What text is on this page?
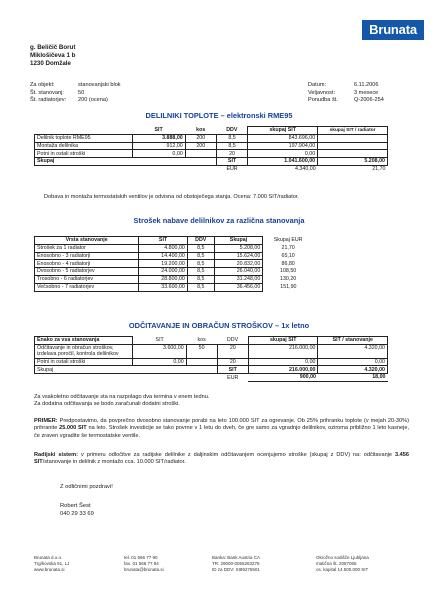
Brunata
g. Beličič Borut
Miklošičeva 1 b
1230 Domžale
Za objekt:	stanovanjski blok
Št. stanovanj:	50
Št. radiatorjev:	200 (ocena)
Datum:	6.11.2006
Veljavnost:	3 mesece
Ponudba št.	Q-2006-254
DELILNIKI TOPLOTE – elektronski RME95
	SIT	kos	DDV	skupaj SIT	skupaj SIT / radiator
Delilnik toplote RME95	3.888,00	200	8,5	843.696,00	
Montaža delilnika	912,00	200	8,5	197.904,00	
Potni in ostali stroški	0,00		20	0,00	
Skupaj			SIT	1.041.600,00	5.208,00
			EUR	4.340,00	21,70
Dobava in montaža termostatskih ventilov je odvisna od obstoječega stanja. Ocena: 7.000 SIT/radiator.
Strošek nabave delilnikov za različna stanovanja
Vrsta stanovanje	SIT	DDV	Skupaj	Skupaj EUR
Strošek za 1 radiator	4.800,00	8,5	5.208,00	21,70
Enosobno - 3 radiatorji	14.400,00	8,5	15.624,00	65,10
Enosobno - 4 radiatorji	19.200,00	8,5	20.832,00	86,80
Dvosobno - 5 radiatorjev	24.000,00	8,5	26.040,00	108,50
Trosobno - 6 radiatorjev	28.800,00	8,5	31.248,00	130,20
Večsobno - 7 radiatorjev	33.600,00	8,5	36.456,00	151,90
ODČITAVANJE IN OBRAČUN STROŠKOV – 1x letno
Enako za vsa stanovanja	SIT	kos	DDV	skupaj SIT	SIT / stanovanje

Odčitavanje in obračun stroškov,
izdelava poročil, kontrola delilnikov	3.600,00	50	20	216.000,00	4.320,00
Potni in ostali stroški	0,00		20	0,00	0,00
Skupaj			SIT	216.000,00	4.320,00
			EUR	900,00	18,00
Za vsakoletno odčitavanje sta na razpolago dva termina v enem tednu.
Za dodatna odčitavanja se bodo zaračunali dodatni stroški.
PRIMER: Predpostavimo, da povprečno dvosobno stanovanje porabi na leto 100.000 SIT za ogrevanje. Ob 25% prihranku toplote (v mejah 20-30%) prihranite 25.000 SIT na leto. Strošek investicije se tako povrne v 1 letu do dveh, če gre samo za vgradnjo delilnikov, oziroma približno 1 leto kasneje, če zraven vgradite še termostatske ventile.
Radijski sistem: v primeru odločitve za radijske delilnike z daljinskim odčitavanjem ocenjujemo stroške (skupaj z DDV) na: odčitavanje 3.456 SIT/stanovanje in delilnik z montažo cca. 10.000 SIT/radiator.
Z odličnimi pozdravi!
Robert Šest
040 29 33 69
Brunata d.o.o.
Trg/kovska 61, LJ
www.brunata.si
tel. 01 566 77 90
fax. 01 566 77 94
brunata@brunata.si
Banka: Bank Austria CA
TR: 29000-0055263278
ID za DDV: SI89276501
Okrožno sodišče Ljubljana
matična št. 2087065
os. kapital 14.500.000 SIT
